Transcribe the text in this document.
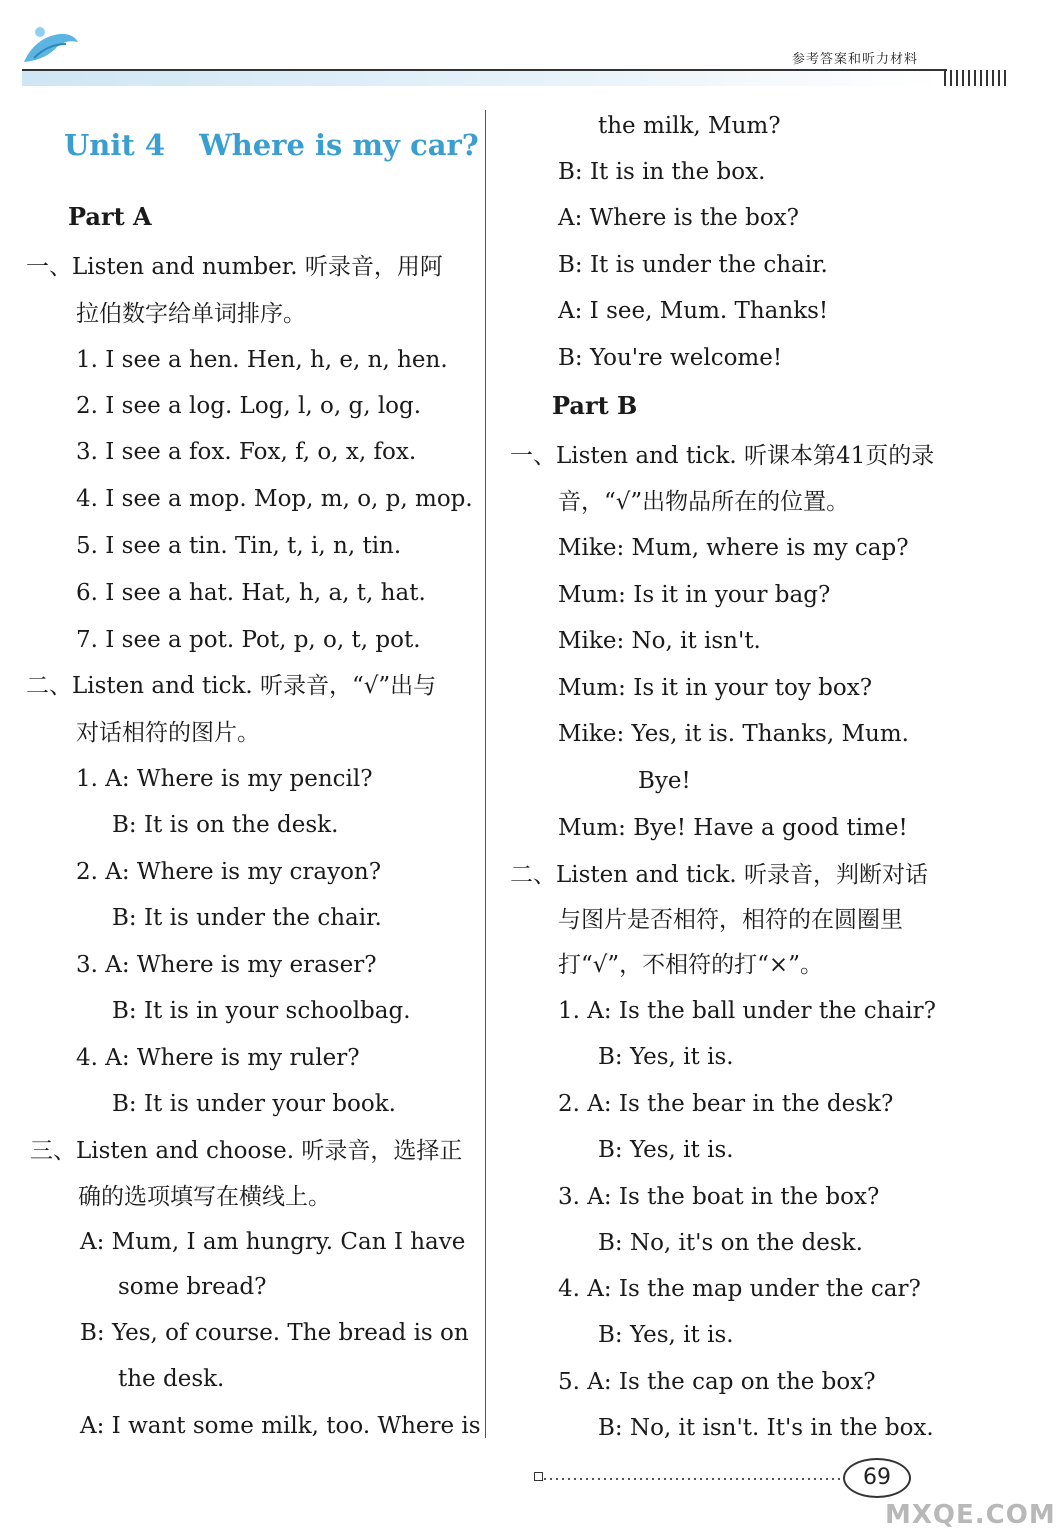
参考答案和听力材料
Unit 4 Where is my car?
Part A
一、Listen and number. 听录音，用阿
拉伯数字给单词排序。
1. I see a hen. Hen, h, e, n, hen.
2. I see a log. Log, l, o, g, log.
3. I see a fox. Fox, f, o, x, fox.
4. I see a mop. Mop, m, o, p, mop.
5. I see a tin. Tin, t, i, n, tin.
6. I see a hat. Hat, h, a, t, hat.
7. I see a pot. Pot, p, o, t, pot.
二、Listen and tick. 听录音，“√”出与
对话相符的图片。
1. A: Where is my pencil?
B: It is on the desk.
2. A: Where is my crayon?
B: It is under the chair.
3. A: Where is my eraser?
B: It is in your schoolbag.
4. A: Where is my ruler?
B: It is under your book.
三、Listen and choose. 听录音，选择正
确的选项填写在横线上。
A: Mum, I am hungry. Can I have
some bread?
B: Yes, of course. The bread is on
the desk.
A: I want some milk, too. Where is
the milk, Mum?
B: It is in the box.
A: Where is the box?
B: It is under the chair.
A: I see, Mum. Thanks!
B: You're welcome!
Part B
一、Listen and tick. 听课本第41页的录
音，“√”出物品所在的位置。
Mike: Mum, where is my cap?
Mum: Is it in your bag?
Mike: No, it isn't.
Mum: Is it in your toy box?
Mike: Yes, it is. Thanks, Mum.
Bye!
Mum: Bye! Have a good time!
二、Listen and tick. 听录音，判断对话
与图片是否相符，相符的在圆圈里
打“√”，不相符的打“×”。
1. A: Is the ball under the chair?
B: Yes, it is.
2. A: Is the bear in the desk?
B: Yes, it is.
3. A: Is the boat in the box?
B: No, it's on the desk.
4. A: Is the map under the car?
B: Yes, it is.
5. A: Is the cap on the box?
B: No, it isn't. It's in the box.
69
MXQE.COM
